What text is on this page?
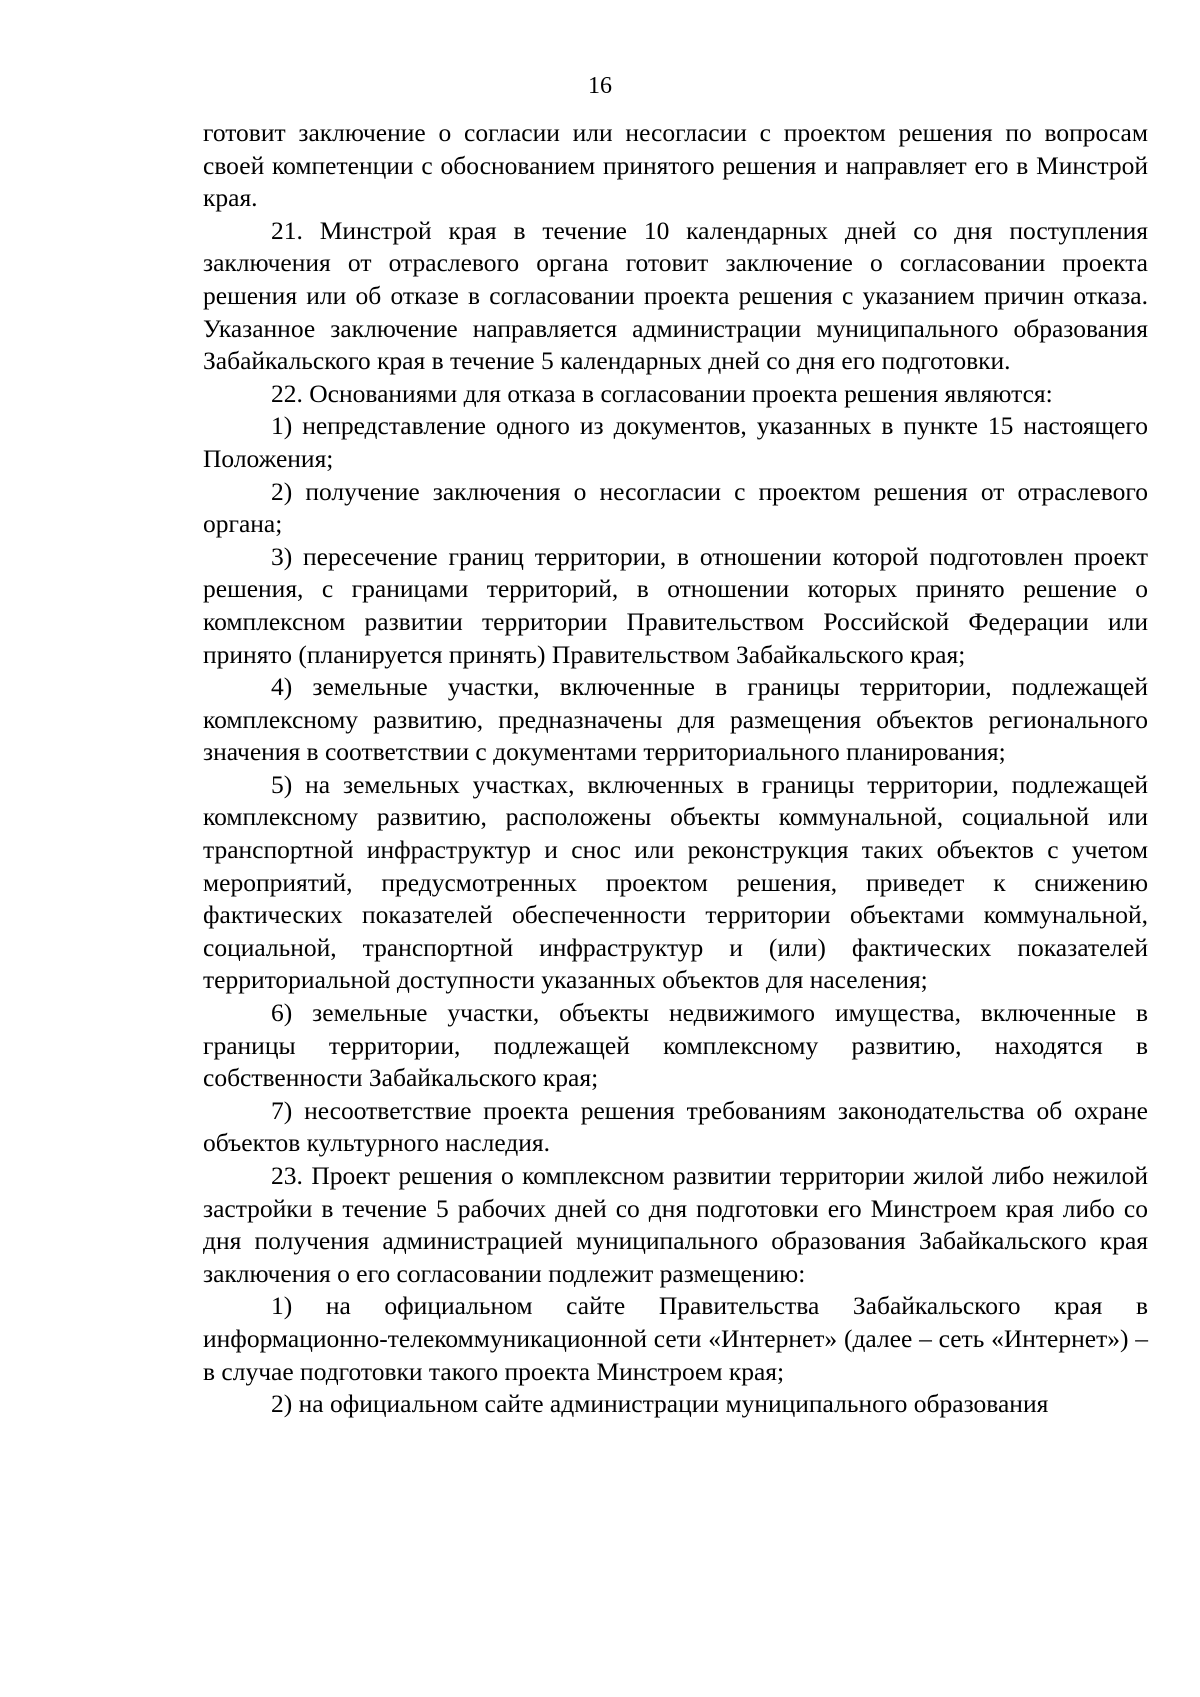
16

готовит заключение о согласии или несогласии с проектом решения по вопросам своей компетенции с обоснованием принятого решения и направляет его в Минстрой края.

21. Минстрой края в течение 10 календарных дней со дня поступления заключения от отраслевого органа готовит заключение о согласовании проекта решения или об отказе в согласовании проекта решения с указанием причин отказа. Указанное заключение направляется администрации муниципального образования Забайкальского края в течение 5 календарных дней со дня его подготовки.

22. Основаниями для отказа в согласовании проекта решения являются:

1) непредставление одного из документов, указанных в пункте 15 настоящего Положения;

2) получение заключения о несогласии с проектом решения от отраслевого органа;

3) пересечение границ территории, в отношении которой подготовлен проект решения, с границами территорий, в отношении которых принято решение о комплексном развитии территории Правительством Российской Федерации или принято (планируется принять) Правительством Забайкальского края;

4) земельные участки, включенные в границы территории, подлежащей комплексному развитию, предназначены для размещения объектов регионального значения в соответствии с документами территориального планирования;

5) на земельных участках, включенных в границы территории, подлежащей комплексному развитию, расположены объекты коммунальной, социальной или транспортной инфраструктур и снос или реконструкция таких объектов с учетом мероприятий, предусмотренных проектом решения, приведет к снижению фактических показателей обеспеченности территории объектами коммунальной, социальной, транспортной инфраструктур и (или) фактических показателей территориальной доступности указанных объектов для населения;

6) земельные участки, объекты недвижимого имущества, включенные в границы территории, подлежащей комплексному развитию, находятся в собственности Забайкальского края;

7) несоответствие проекта решения требованиям законодательства об охране объектов культурного наследия.

23. Проект решения о комплексном развитии территории жилой либо нежилой застройки в течение 5 рабочих дней со дня подготовки его Минстроем края либо со дня получения администрацией муниципального образования Забайкальского края заключения о его согласовании подлежит размещению:

1) на официальном сайте Правительства Забайкальского края в информационно-телекоммуникационной сети «Интернет» (далее – сеть «Интернет») – в случае подготовки такого проекта Минстроем края;

2) на официальном сайте администрации муниципального образования
